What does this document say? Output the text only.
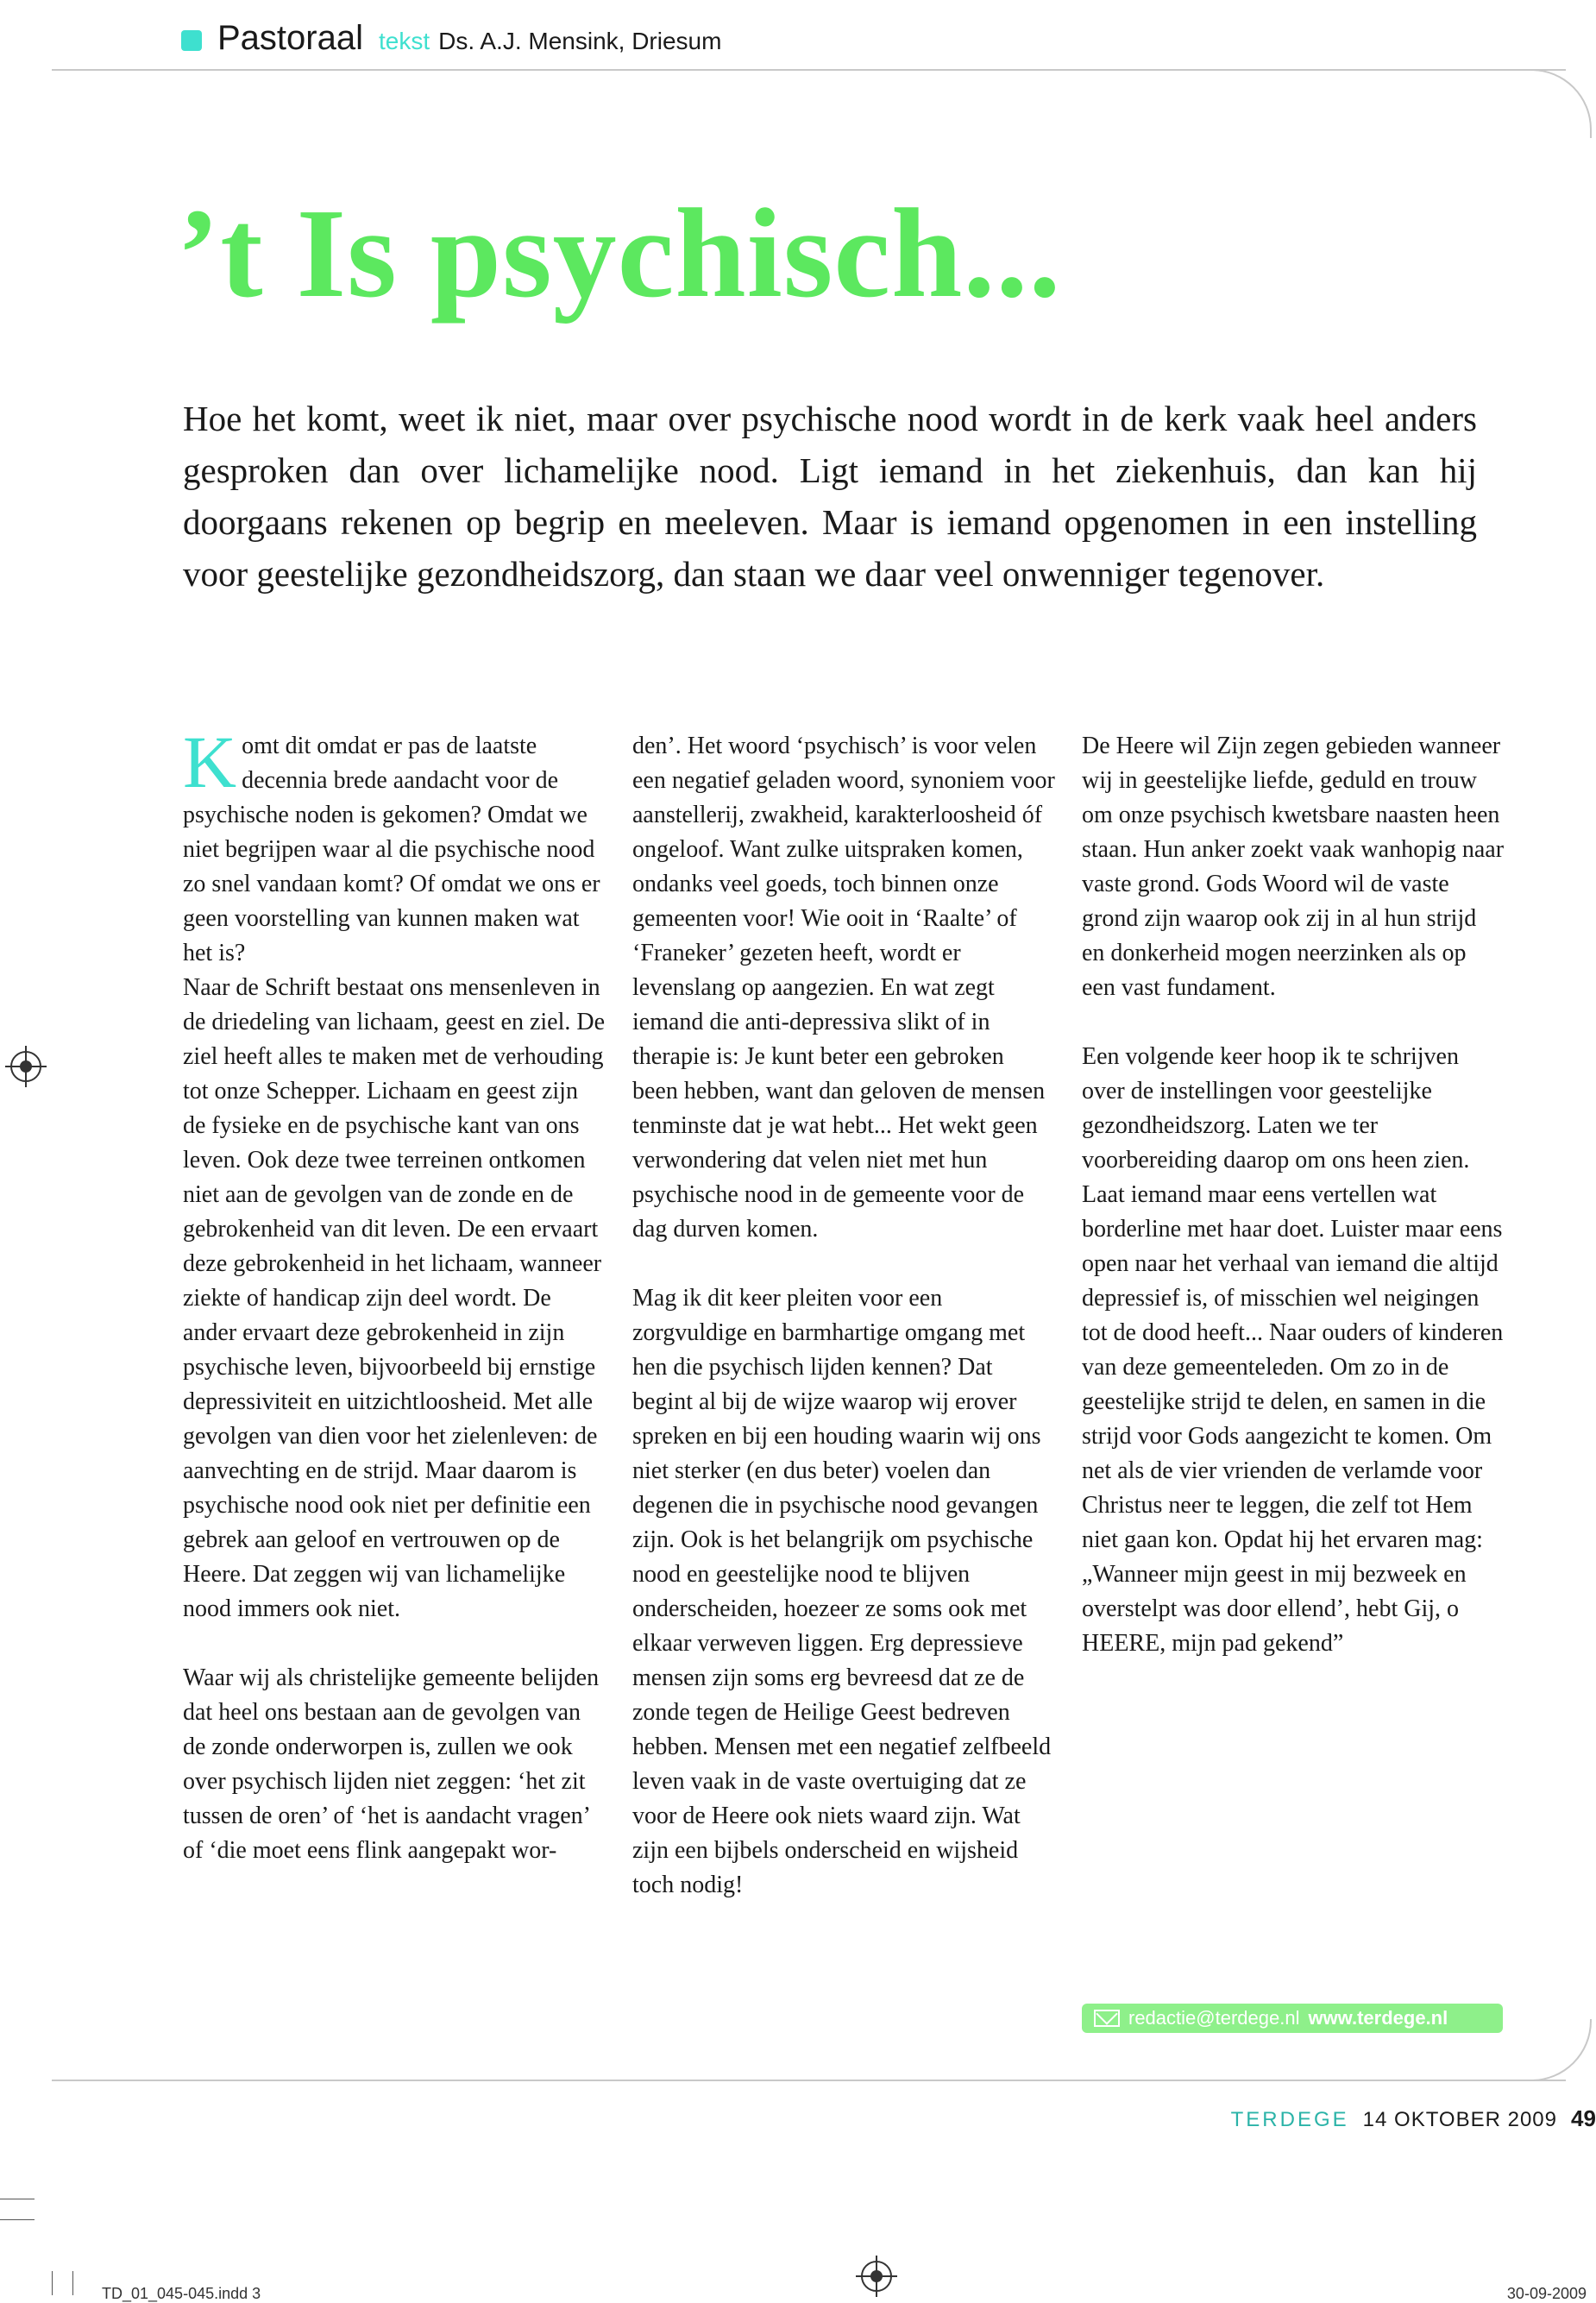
Pastoraal tekst Ds. A.J. Mensink, Driesum
’t Is psychisch...

Hoe het komt, weet ik niet, maar over psychische nood wordt in de kerk vaak heel anders gesproken dan over lichamelijke nood. Ligt iemand in het ziekenhuis, dan kan hij doorgaans rekenen op begrip en meeleven. Maar is iemand opgenomen in een instelling voor geestelijke gezondheidszorg, dan staan we daar veel onwenniger tegenover.

Komt dit omdat er pas de laatste decennia brede aandacht voor de psychische noden is gekomen? Omdat we niet begrijpen waar al die psychische nood zo snel vandaan komt? Of omdat we ons er geen voorstelling van kunnen maken wat het is?

Naar de Schrift bestaat ons mensenleven in de driedeling van lichaam, geest en ziel. De ziel heeft alles te maken met de verhouding tot onze Schepper. Lichaam en geest zijn de fysieke en de psychische kant van ons leven. Ook deze twee terreinen ontkomen niet aan de gevolgen van de zonde en de gebrokenheid van dit leven. De een ervaart deze gebrokenheid in het lichaam, wanneer ziekte of handicap zijn deel wordt. De ander ervaart deze gebrokenheid in zijn psychische leven, bijvoorbeeld bij ernstige depressiviteit en uitzichtloosheid. Met alle gevolgen van dien voor het zielenleven: de aanvechting en de strijd. Maar daarom is psychische nood ook niet per definitie een gebrek aan geloof en vertrouwen op de Heere. Dat zeggen wij van lichamelijke nood immers ook niet.

Waar wij als christelijke gemeente belijden dat heel ons bestaan aan de gevolgen van de zonde onderworpen is, zullen we ook over psychisch lijden niet zeggen: ‘het zit tussen de oren’ of ‘het is aandacht vragen’ of ‘die moet eens flink aangepakt wor-

den’. Het woord ‘psychisch’ is voor velen een negatief geladen woord, synoniem voor aanstellerij, zwakheid, karakterloosheid óf ongeloof. Want zulke uitspraken komen, ondanks veel goeds, toch binnen onze gemeenten voor! Wie ooit in ‘Raalte’ of ‘Franeker’ gezeten heeft, wordt er levenslang op aangezien. En wat zegt iemand die anti-depressiva slikt of in therapie is: Je kunt beter een gebroken been hebben, want dan geloven de mensen tenminste dat je wat hebt... Het wekt geen verwondering dat velen niet met hun psychische nood in de gemeente voor de dag durven komen.

Mag ik dit keer pleiten voor een zorgvuldige en barmhartige omgang met hen die psychisch lijden kennen? Dat begint al bij de wijze waarop wij erover spreken en bij een houding waarin wij ons niet sterker (en dus beter) voelen dan degenen die in psychische nood gevangen zijn. Ook is het belangrijk om psychische nood en geestelijke nood te blijven onderscheiden, hoezeer ze soms ook met elkaar verweven liggen. Erg depressieve mensen zijn soms erg bevreesd dat ze de zonde tegen de Heilige Geest bedreven hebben. Mensen met een negatief zelfbeeld leven vaak in de vaste overtuiging dat ze voor de Heere ook niets waard zijn. Wat zijn een bijbels onderscheid en wijsheid toch nodig!

De Heere wil Zijn zegen gebieden wanneer wij in geestelijke liefde, geduld en trouw om onze psychisch kwetsbare naasten heen staan. Hun anker zoekt vaak wanhopig naar vaste grond. Gods Woord wil de vaste grond zijn waarop ook zij in al hun strijd en donkerheid mogen neerzinken als op een vast fundament.

Een volgende keer hoop ik te schrijven over de instellingen voor geestelijke gezondheidszorg. Laten we ter voorbereiding daarop om ons heen zien. Laat iemand maar eens vertellen wat borderline met haar doet. Luister maar eens open naar het verhaal van iemand die altijd depressief is, of misschien wel neigingen tot de dood heeft... Naar ouders of kinderen van deze gemeenteleden. Om zo in de geestelijke strijd te delen, en samen in die strijd voor Gods aangezicht te komen. Om net als de vier vrienden de verlamde voor Christus neer te leggen, die zelf tot Hem niet gaan kon. Opdat hij het ervaren mag: „Wanneer mijn geest in mij bezweek en overstelpt was door ellend’, hebt Gij, o HEERE, mijn pad gekend”

redactie@terdege.nl www.terdege.nl
TERDEGE 14 OKTOBER 2009 49
TD_01_045-045.indd 3	30-09-2009
